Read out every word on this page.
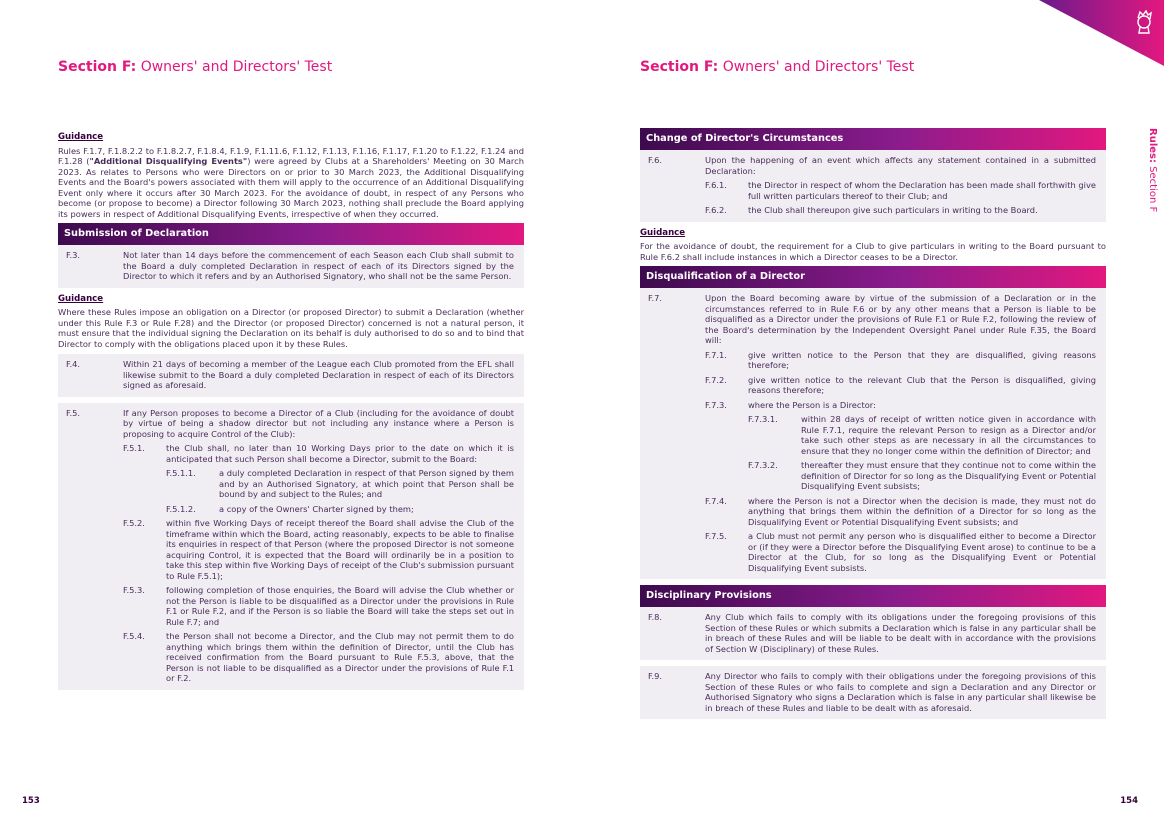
Section F: Owners' and Directors' Test
Guidance
Rules F.1.7, F.1.8.2.2 to F.1.8.2.7, F.1.8.4, F.1.9, F.1.11.6, F.1.12, F.1.13, F.1.16, F.1.17, F.1.20 to F.1.22, F.1.24 and F.1.28 ("Additional Disqualifying Events") were agreed by Clubs at a Shareholders' Meeting on 30 March 2023. As relates to Persons who were Directors on or prior to 30 March 2023, the Additional Disqualifying Events and the Board's powers associated with them will apply to the occurrence of an Additional Disqualifying Event only where it occurs after 30 March 2023. For the avoidance of doubt, in respect of any Persons who become (or propose to become) a Director following 30 March 2023, nothing shall preclude the Board applying its powers in respect of Additional Disqualifying Events, irrespective of when they occurred.
Submission of Declaration
F.3.	Not later than 14 days before the commencement of each Season each Club shall submit to the Board a duly completed Declaration in respect of each of its Directors signed by the Director to which it refers and by an Authorised Signatory, who shall not be the same Person.
Guidance
Where these Rules impose an obligation on a Director (or proposed Director) to submit a Declaration (whether under this Rule F.3 or Rule F.28) and the Director (or proposed Director) concerned is not a natural person, it must ensure that the individual signing the Declaration on its behalf is duly authorised to do so and to bind that Director to comply with the obligations placed upon it by these Rules.
F.4.	Within 21 days of becoming a member of the League each Club promoted from the EFL shall likewise submit to the Board a duly completed Declaration in respect of each of its Directors signed as aforesaid.
F.5.	If any Person proposes to become a Director of a Club (including for the avoidance of doubt by virtue of being a shadow director but not including any instance where a Person is proposing to acquire Control of the Club):
F.5.1.	the Club shall, no later than 10 Working Days prior to the date on which it is anticipated that such Person shall become a Director, submit to the Board:
F.5.1.1.	a duly completed Declaration in respect of that Person signed by them and by an Authorised Signatory, at which point that Person shall be bound by and subject to the Rules; and
F.5.1.2.	a copy of the Owners' Charter signed by them;
F.5.2.	within five Working Days of receipt thereof the Board shall advise the Club of the timeframe within which the Board, acting reasonably, expects to be able to finalise its enquiries in respect of that Person (where the proposed Director is not someone acquiring Control, it is expected that the Board will ordinarily be in a position to take this step within five Working Days of receipt of the Club's submission pursuant to Rule F.5.1);
F.5.3.	following completion of those enquiries, the Board will advise the Club whether or not the Person is liable to be disqualified as a Director under the provisions in Rule F.1 or Rule F.2, and if the Person is so liable the Board will take the steps set out in Rule F.7; and
F.5.4.	the Person shall not become a Director, and the Club may not permit them to do anything which brings them within the definition of Director, until the Club has received confirmation from the Board pursuant to Rule F.5.3, above, that the Person is not liable to be disqualified as a Director under the provisions of Rule F.1 or F.2.
153
Section F: Owners' and Directors' Test
Change of Director's Circumstances
F.6.	Upon the happening of an event which affects any statement contained in a submitted Declaration:
F.6.1.	the Director in respect of whom the Declaration has been made shall forthwith give full written particulars thereof to their Club; and
F.6.2.	the Club shall thereupon give such particulars in writing to the Board.
Guidance
For the avoidance of doubt, the requirement for a Club to give particulars in writing to the Board pursuant to Rule F.6.2 shall include instances in which a Director ceases to be a Director.
Disqualification of a Director
F.7.	Upon the Board becoming aware by virtue of the submission of a Declaration or in the circumstances referred to in Rule F.6 or by any other means that a Person is liable to be disqualified as a Director under the provisions of Rule F.1 or Rule F.2, following the review of the Board's determination by the Independent Oversight Panel under Rule F.35, the Board will:
F.7.1.	give written notice to the Person that they are disqualified, giving reasons therefore;
F.7.2.	give written notice to the relevant Club that the Person is disqualified, giving reasons therefore;
F.7.3.	where the Person is a Director:
F.7.3.1.	within 28 days of receipt of written notice given in accordance with Rule F.7.1, require the relevant Person to resign as a Director and/or take such other steps as are necessary in all the circumstances to ensure that they no longer come within the definition of Director; and
F.7.3.2.	thereafter they must ensure that they continue not to come within the definition of Director for so long as the Disqualifying Event or Potential Disqualifying Event subsists;
F.7.4.	where the Person is not a Director when the decision is made, they must not do anything that brings them within the definition of a Director for so long as the Disqualifying Event or Potential Disqualifying Event subsists; and
F.7.5.	a Club must not permit any person who is disqualified either to become a Director or (if they were a Director before the Disqualifying Event arose) to continue to be a Director at the Club, for so long as the Disqualifying Event or Potential Disqualifying Event subsists.
Disciplinary Provisions
F.8.	Any Club which fails to comply with its obligations under the foregoing provisions of this Section of these Rules or which submits a Declaration which is false in any particular shall be in breach of these Rules and will be liable to be dealt with in accordance with the provisions of Section W (Disciplinary) of these Rules.
F.9.	Any Director who fails to comply with their obligations under the foregoing provisions of this Section of these Rules or who fails to complete and sign a Declaration and any Director or Authorised Signatory who signs a Declaration which is false in any particular shall likewise be in breach of these Rules and liable to be dealt with as aforesaid.
154
Rules: Section F
